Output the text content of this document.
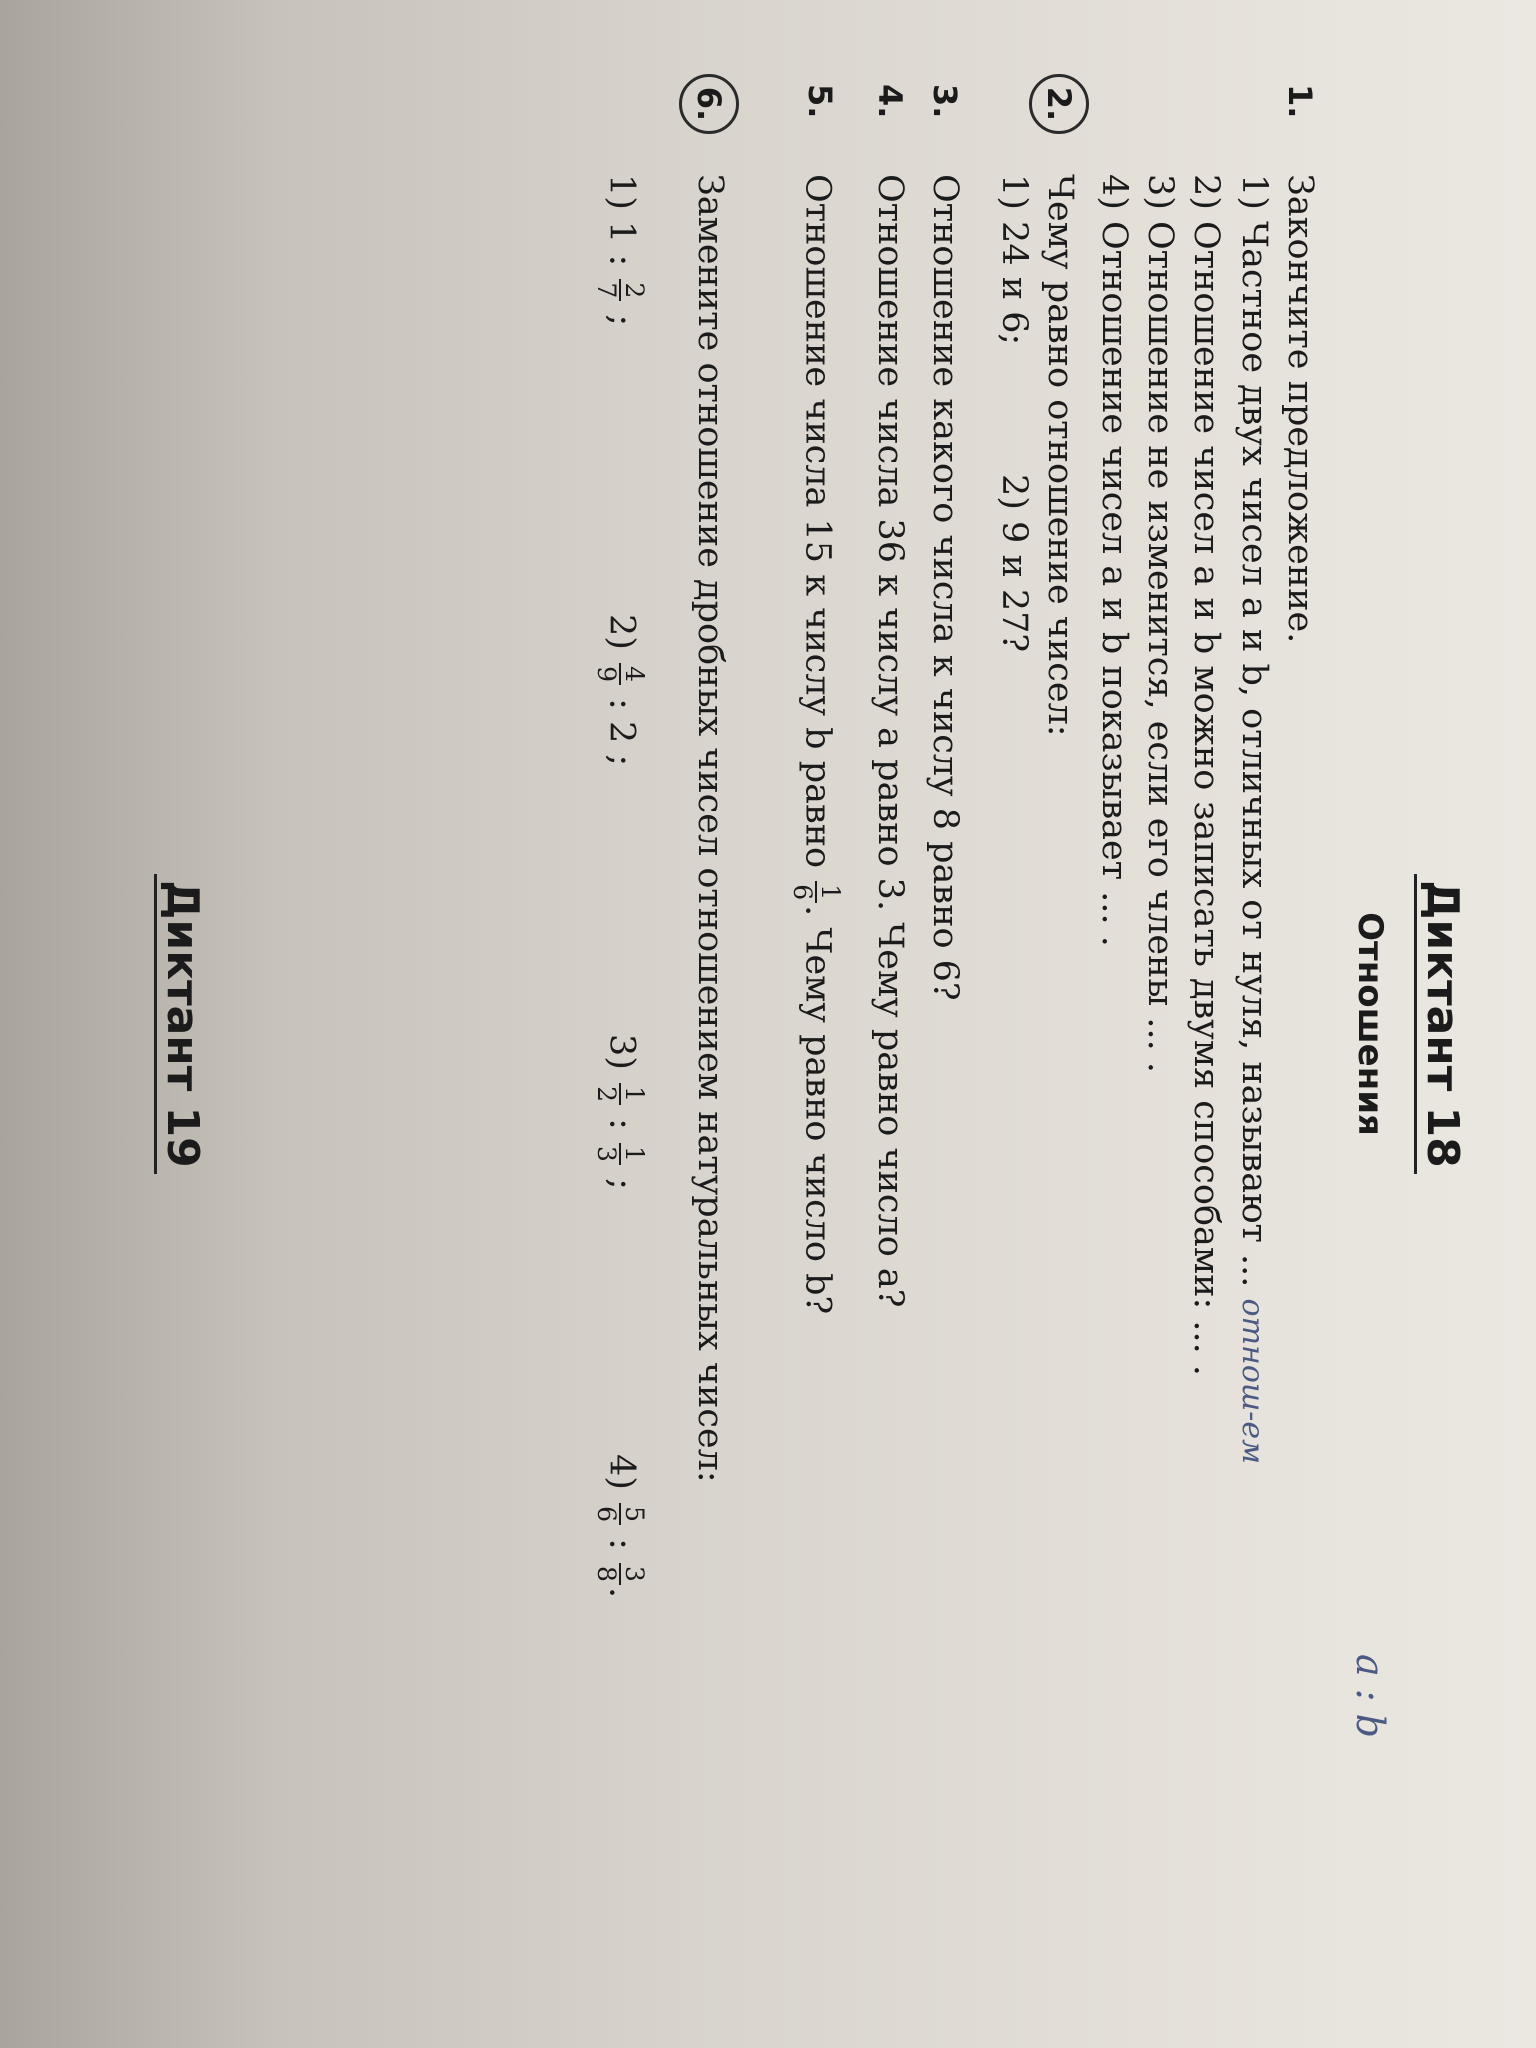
Диктант 18
Отношения
1.
Закончите предложение.
1) Частное двух чисел a и b, отличных от нуля, называют ... отнош-ем
2) Отношение чисел a и b можно записать двумя способами: ... .
3) Отношение не изменится, если его члены ... .
4) Отношение чисел a и b показывает ... .
a : b
2.
Чему равно отношение чисел:
1) 24 и 6;
2) 9 и 27?
3.
Отношение какого числа к числу 8 равно 6?
4.
Отношение числа 36 к числу a равно 3. Чему равно число a?
5.
Отношение числа 15 к числу b равно
1
6
. Чему равно число b?
6.
Замените отношение дробных чисел отношением натуральных чисел:
1) 1 :
2
7
;
2)
4
9
: 2 ;
3)
1
2
:
1
3
;
4)
5
6
:
3
8
.
Диктант 19
